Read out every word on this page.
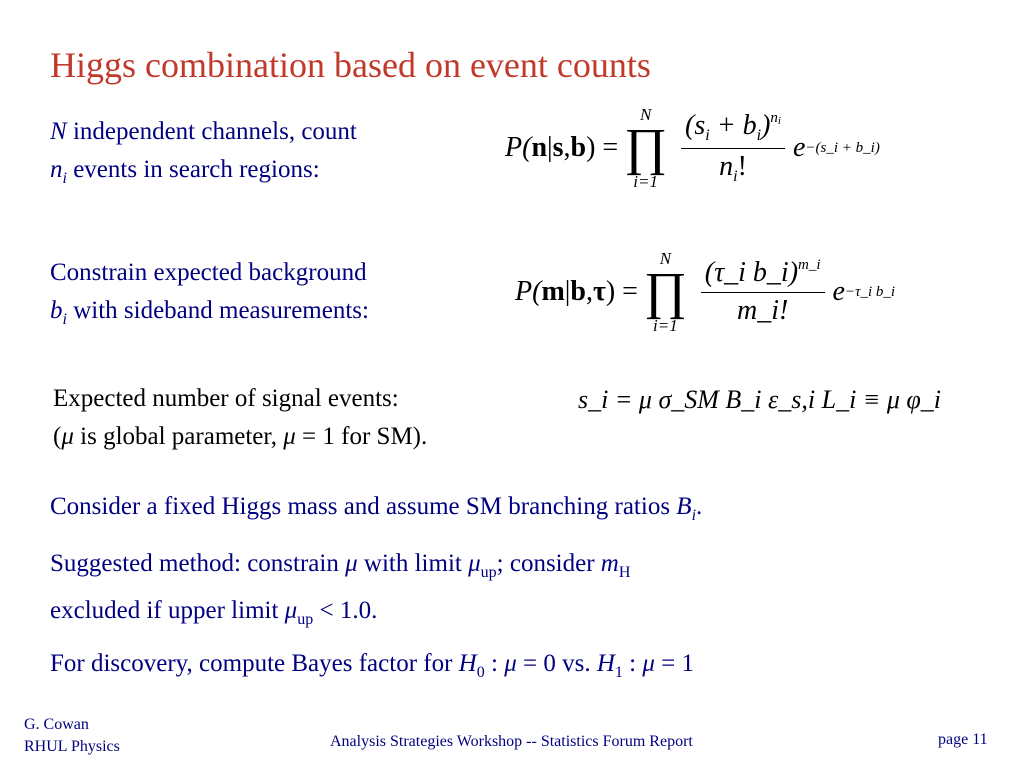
Higgs combination based on event counts
N independent channels, count
$n_i$ events in search regions:
P( n | s , b ) =
N
∏
$i=1 \frac{(s_i + b_i)^{ni}}{n_i!}$ e −(s_i + b_i)
Constrain expected background
$b_i$ with sideband measurements:
P( m | b , τ ) =
N
∏
$i=1 \frac{(\tau\_i b\_i)^{m\_i}}{m\_i!}$ e −τ_i b_i
Expected number of signal events:
(μ is global parameter, μ = 1 for SM).
s_i = μ σ_SM B_i ε_s,i L_i ≡ μ φ_i
Consider a fixed Higgs mass and assume SM branching ratios $B_i$.
Suggested method: constrain μ with limit $\mu_{up}$; consider $m_H$
excluded if upper limit $\mu_{up} < 1.0$.
For discovery, compute Bayes factor for $H_0$ : μ = 0 vs. $H_1$ : μ = 1
G. Cowan
RHUL Physics	Analysis Strategies Workshop -- Statistics Forum Report	page 11
